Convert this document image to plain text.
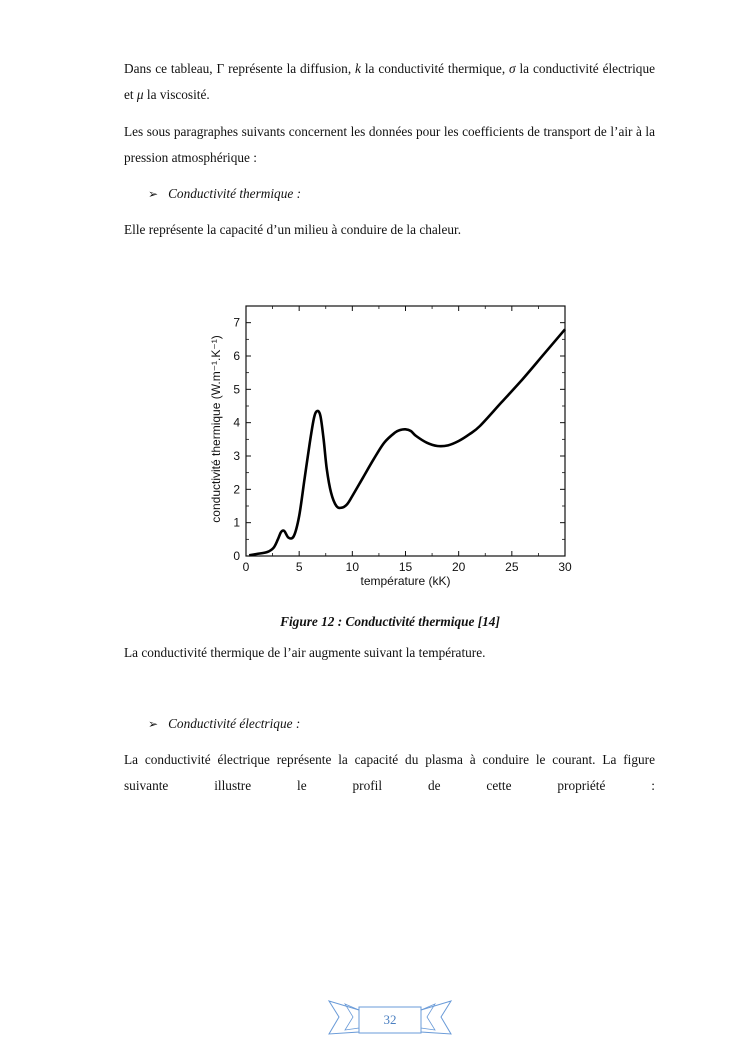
Dans ce tableau, Γ représente la diffusion, k la conductivité thermique, σ la conductivité électrique et μ la viscosité.

Les sous paragraphes suivants concernent les données pour les coefficients de transport de l’air à la pression atmosphérique :

➢ Conductivité thermique :

Elle représente la capacité d’un milieu à conduire de la chaleur.

0	5	10	15	20	25	30
0
1
2
3
4
5
6
7
température (kK)
conductivité thermique (W.m⁻¹.K⁻¹)
Figure 12 : Conductivité thermique [14]

La conductivité thermique de l’air augmente suivant la température.

➢ Conductivité électrique :

La conductivité électrique représente la capacité du plasma à conduire le courant. La figure suivante illustre le profil de cette propriété :

32
